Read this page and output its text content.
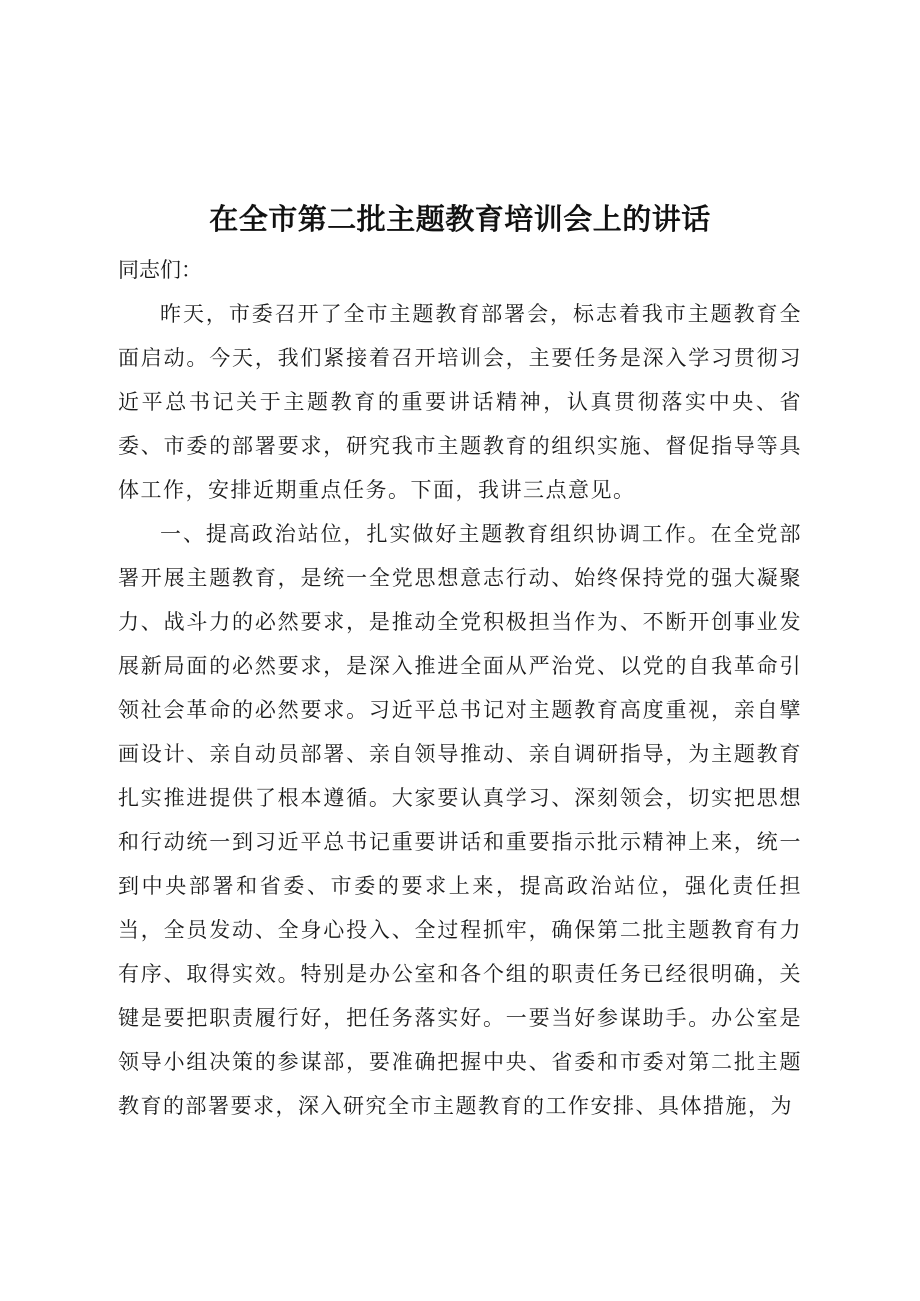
在全市第二批主题教育培训会上的讲话

同志们：

昨天，市委召开了全市主题教育部署会，标志着我市主题教育全面启动。今天，我们紧接着召开培训会，主要任务是深入学习贯彻习近平总书记关于主题教育的重要讲话精神，认真贯彻落实中央、省委、市委的部署要求，研究我市主题教育的组织实施、督促指导等具体工作，安排近期重点任务。下面，我讲三点意见。

一、提高政治站位，扎实做好主题教育组织协调工作。在全党部署开展主题教育，是统一全党思想意志行动、始终保持党的强大凝聚力、战斗力的必然要求，是推动全党积极担当作为、不断开创事业发展新局面的必然要求，是深入推进全面从严治党、以党的自我革命引领社会革命的必然要求。习近平总书记对主题教育高度重视，亲自擘画设计、亲自动员部署、亲自领导推动、亲自调研指导，为主题教育扎实推进提供了根本遵循。大家要认真学习、深刻领会，切实把思想和行动统一到习近平总书记重要讲话和重要指示批示精神上来，统一到中央部署和省委、市委的要求上来，提高政治站位，强化责任担当，全员发动、全身心投入、全过程抓牢，确保第二批主题教育有力有序、取得实效。特别是办公室和各个组的职责任务已经很明确，关键是要把职责履行好，把任务落实好。一要当好参谋助手。办公室是领导小组决策的参谋部，要准确把握中央、省委和市委对第二批主题教育的部署要求，深入研究全市主题教育的工作安排、具体措施，为
